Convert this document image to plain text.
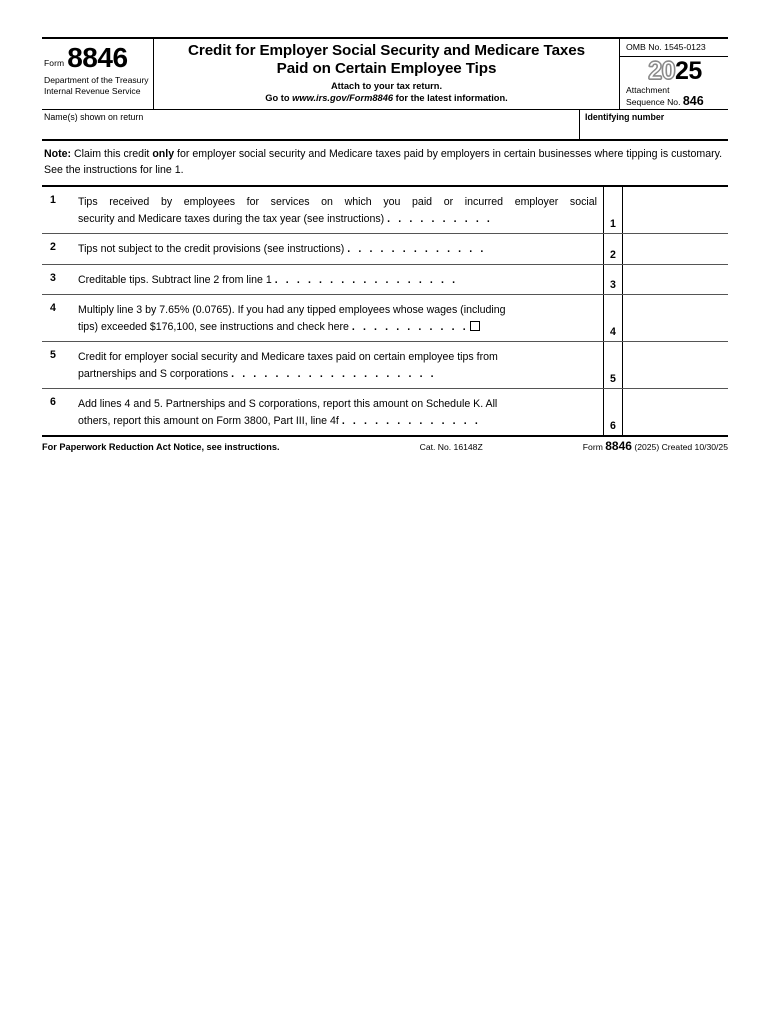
Form 8846
Department of the Treasury
Internal Revenue Service
Credit for Employer Social Security and Medicare Taxes
Paid on Certain Employee Tips
Attach to your tax return.
Go to www.irs.gov/Form8846 for the latest information.
OMB No. 1545-0123
2025
Attachment
Sequence No. 846
Name(s) shown on return	Identifying number
Note: Claim this credit only for employer social security and Medicare taxes paid by employers in certain businesses where tipping is customary. See the instructions for line 1.
1 Tips received by employees for services on which you paid or incurred employer social
security and Medicare taxes during the tax year (see instructions) . . . . . . . . . .	1
2 Tips not subject to the credit provisions (see instructions) . . . . . . . . . . . . .	2
3 Creditable tips. Subtract line 2 from line 1 . . . . . . . . . . . . . . . . .	3
4 Multiply line 3 by 7.65% (0.0765). If you had any tipped employees whose wages (including
tips) exceeded $176,100, see instructions and check here . . . . . . . . . . .	4
5 Credit for employer social security and Medicare taxes paid on certain employee tips from
partnerships and S corporations . . . . . . . . . . . . . . . . . . .	5
6 Add lines 4 and 5. Partnerships and S corporations, report this amount on Schedule K. All
others, report this amount on Form 3800, Part III, line 4f . . . . . . . . . . . . .	6
For Paperwork Reduction Act Notice, see instructions.	Cat. No. 16148Z	Form 8846 (2025) Created 10/30/25
